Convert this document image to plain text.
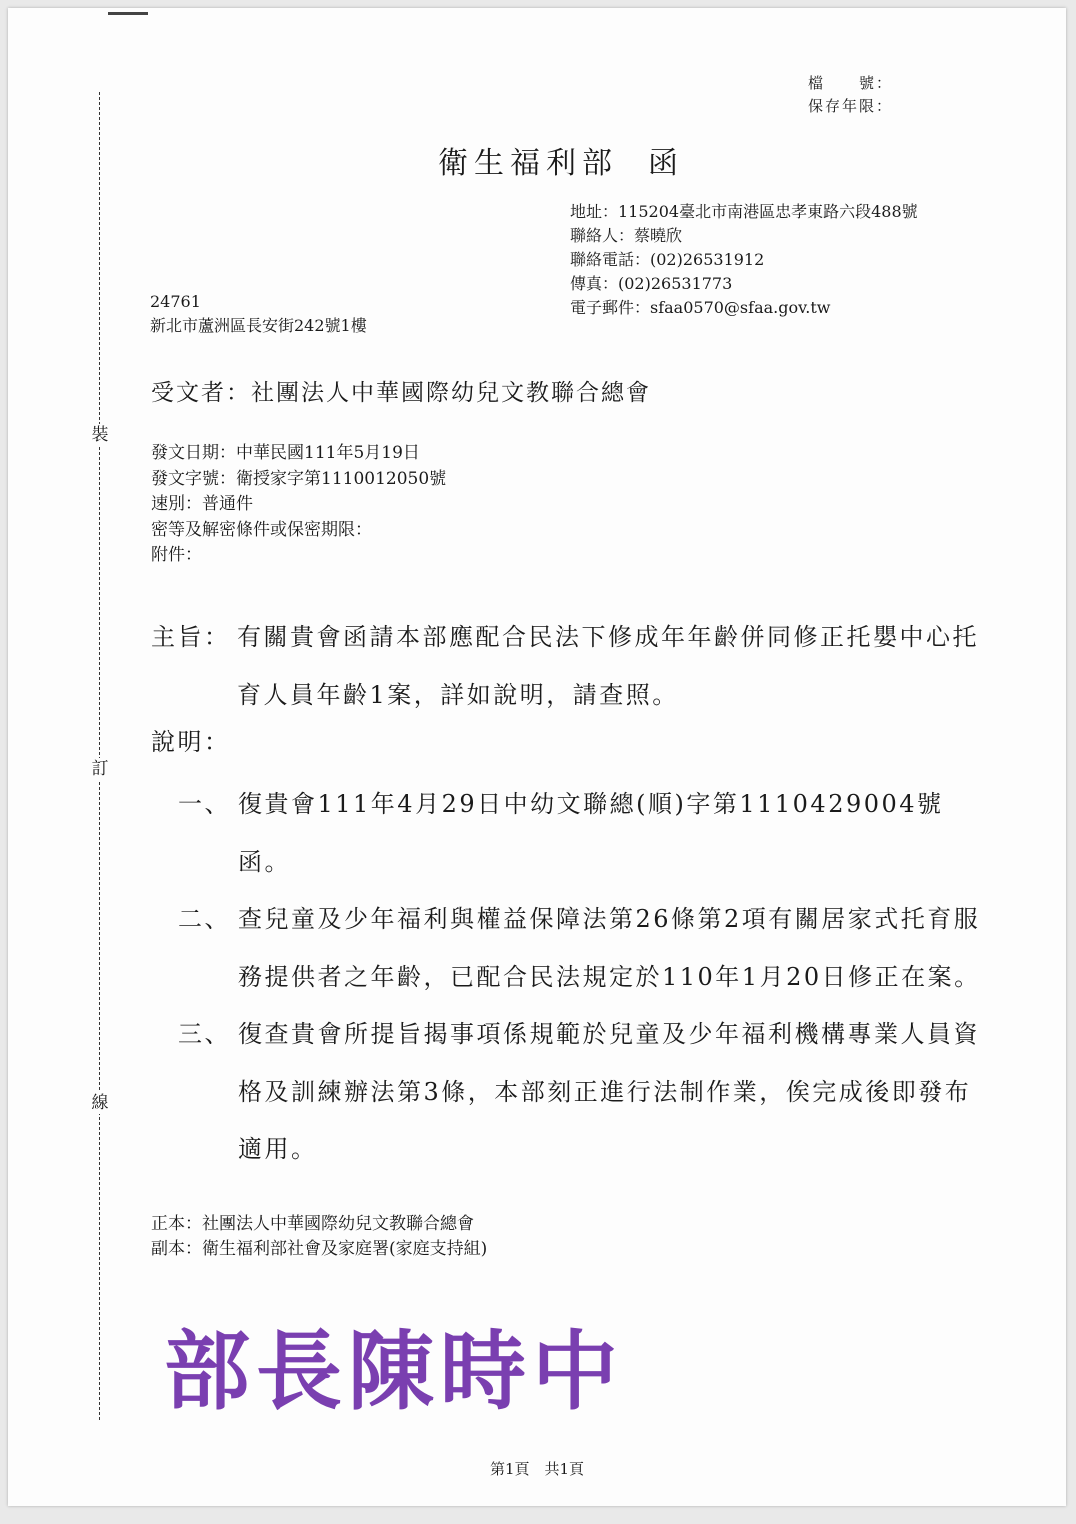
裝
訂
線
檔　　號：
保存年限：
衛生福利部 函
地址：115204臺北市南港區忠孝東路六段488號
聯絡人：蔡曉欣
聯絡電話：(02)26531912
傳真：(02)26531773
電子郵件：sfaa0570@sfaa.gov.tw
24761
新北市蘆洲區長安街242號1樓
受文者：社團法人中華國際幼兒文教聯合總會
發文日期：中華民國111年5月19日
發文字號：衛授家字第1110012050號
速別：普通件
密等及解密條件或保密期限：
附件：
主旨： 有關貴會函請本部應配合民法下修成年年齡併同修正托嬰中心托育人員年齡1案，詳如說明，請查照。
說明：
一、 復貴會111年4月29日中幼文聯總(順)字第1110429004號函。
二、 查兒童及少年福利與權益保障法第26條第2項有關居家式托育服務提供者之年齡，已配合民法規定於110年1月20日修正在案。
三、 復查貴會所提旨揭事項係規範於兒童及少年福利機構專業人員資格及訓練辦法第3條，本部刻正進行法制作業，俟完成後即發布適用。
正本：社團法人中華國際幼兒文教聯合總會
副本：衛生福利部社會及家庭署(家庭支持組)
部長陳時中
第1頁　共1頁
